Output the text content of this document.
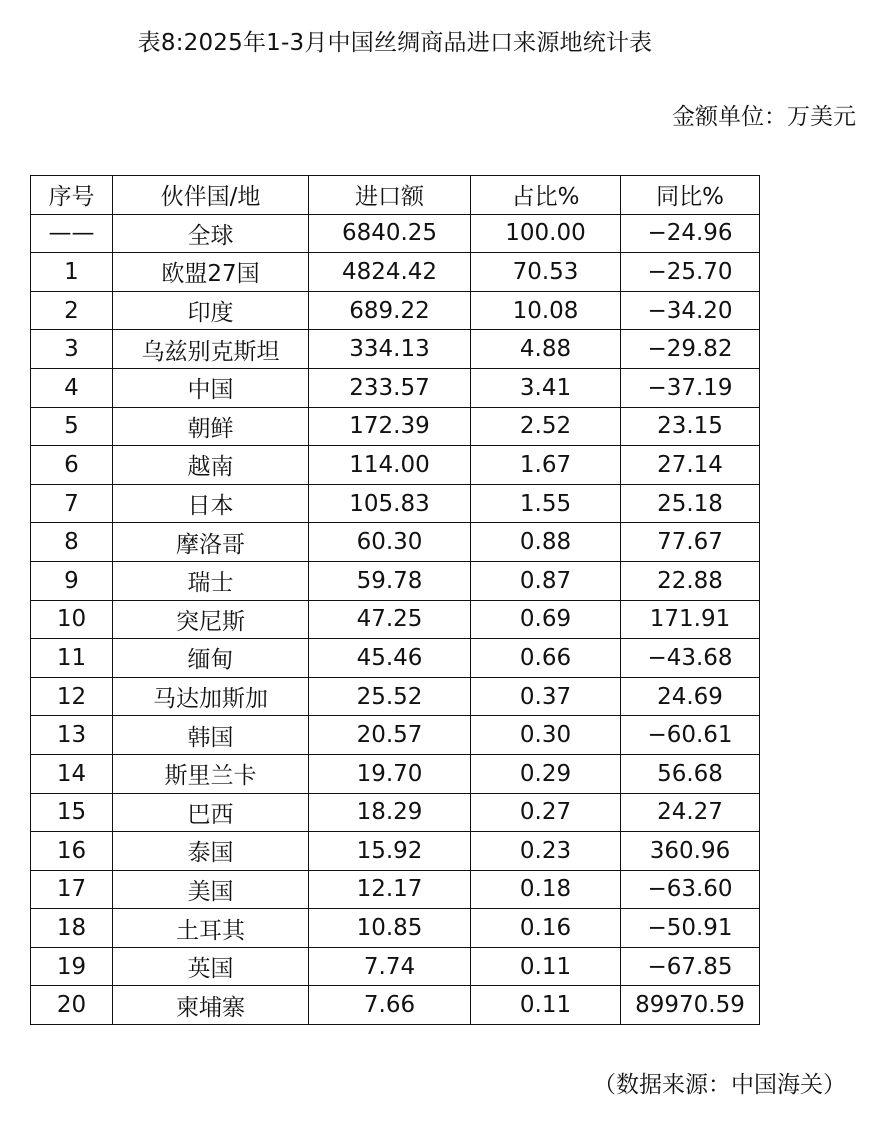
表8:2025年1-3月中国丝绸商品进口来源地统计表
金额单位：万美元
序号	伙伴国/地	进口额	占比%	同比%
——	全球	6840.25	100.00	−24.96
1	欧盟27国	4824.42	70.53	−25.70
2	印度	689.22	10.08	−34.20
3	乌兹别克斯坦	334.13	4.88	−29.82
4	中国	233.57	3.41	−37.19
5	朝鲜	172.39	2.52	23.15
6	越南	114.00	1.67	27.14
7	日本	105.83	1.55	25.18
8	摩洛哥	60.30	0.88	77.67
9	瑞士	59.78	0.87	22.88
10	突尼斯	47.25	0.69	171.91
11	缅甸	45.46	0.66	−43.68
12	马达加斯加	25.52	0.37	24.69
13	韩国	20.57	0.30	−60.61
14	斯里兰卡	19.70	0.29	56.68
15	巴西	18.29	0.27	24.27
16	泰国	15.92	0.23	360.96
17	美国	12.17	0.18	−63.60
18	土耳其	10.85	0.16	−50.91
19	英国	7.74	0.11	−67.85
20	柬埔寨	7.66	0.11	89970.59
（数据来源：中国海关）
